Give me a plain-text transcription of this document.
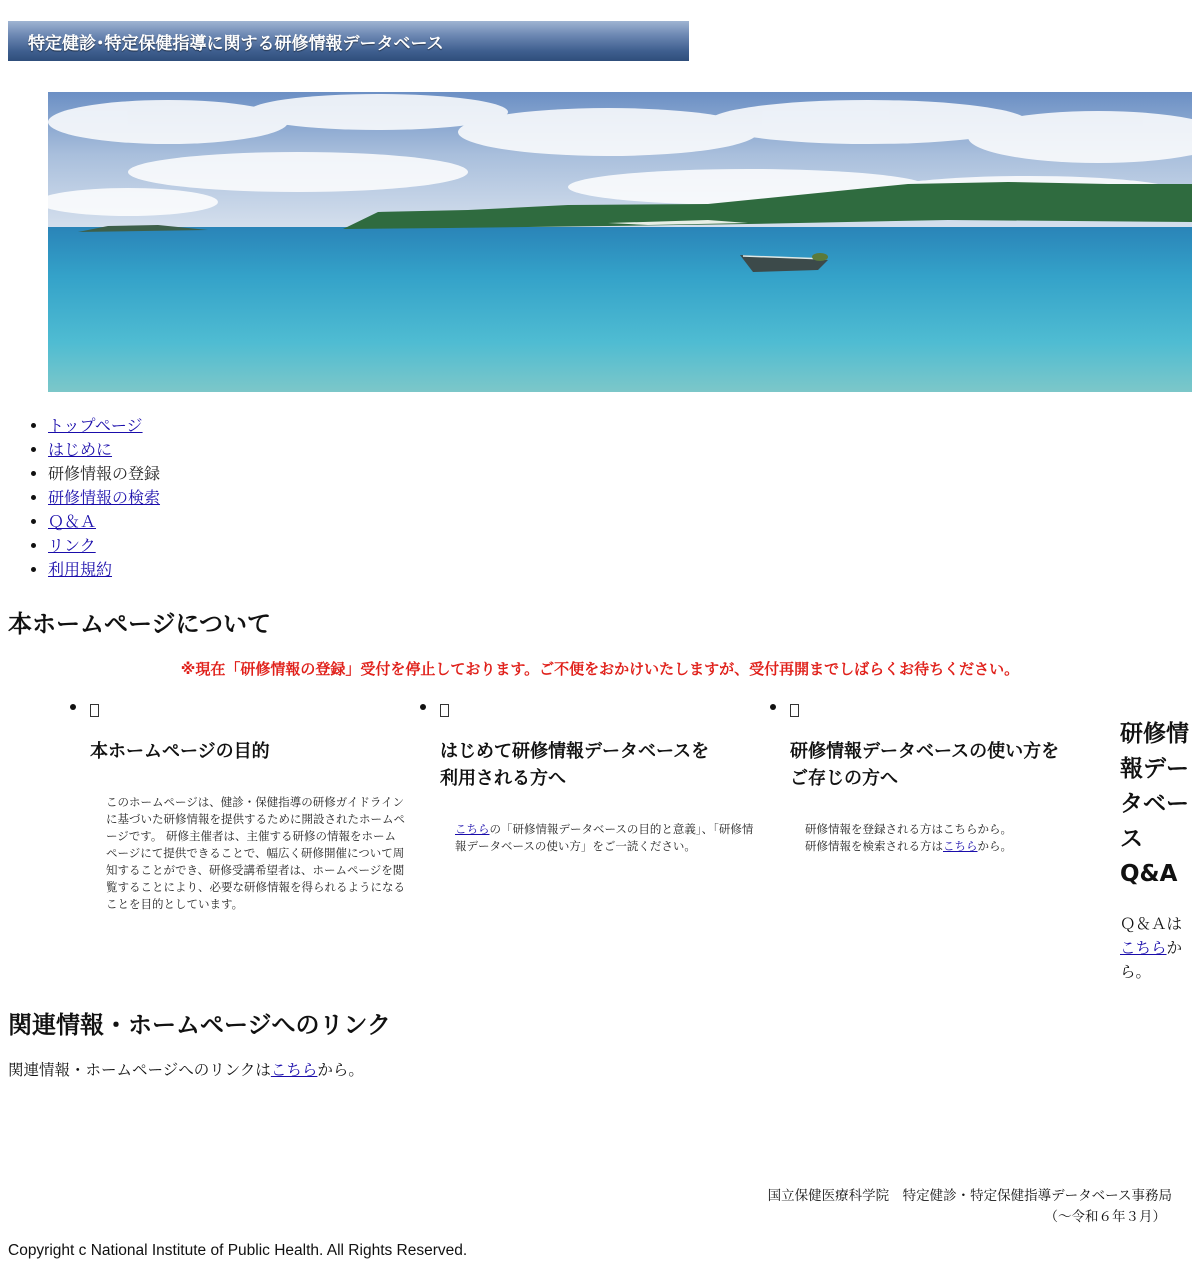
特定健診･特定保健指導に関する研修情報データベース
• トップページ
• はじめに
• 研修情報の登録
• 研修情報の検索
• Ｑ＆Ａ
• リンク
• 利用規約
本ホームページについて
※現在「研修情報の登録」受付を停止しております。ご不便をおかけいたしますが、受付再開までしばらくお待ちください。
本ホームページの目的

このホームページは、健診・保健指導の研修ガイドラインに基づいた研修情報を提供するために開設されたホームページです。 研修主催者は、主催する研修の情報をホームページにて提供できることで、幅広く研修開催について周知することができ、研修受講希望者は、ホームページを閲覧することにより、必要な研修情報を得られるようになることを目的としています。

はじめて研修情報データベースを
利用される方へ

こちらの「研修情報データベースの目的と意義」、「研修情報データベースの使い方」をご一読ください。

研修情報データベースの使い方を
ご存じの方へ

研修情報を登録される方はこちらから。
研修情報を検索される方はこちらから。

研修情報データベースQ&A

Ｑ＆Ａはこちらから。

関連情報・ホームページへのリンク

関連情報・ホームページへのリンクはこちらから。

国立保健医療科学院　特定健診・特定保健指導データベース事務局
（～令和６年３月）
Copyright c National Institute of Public Health. All Rights Reserved.
